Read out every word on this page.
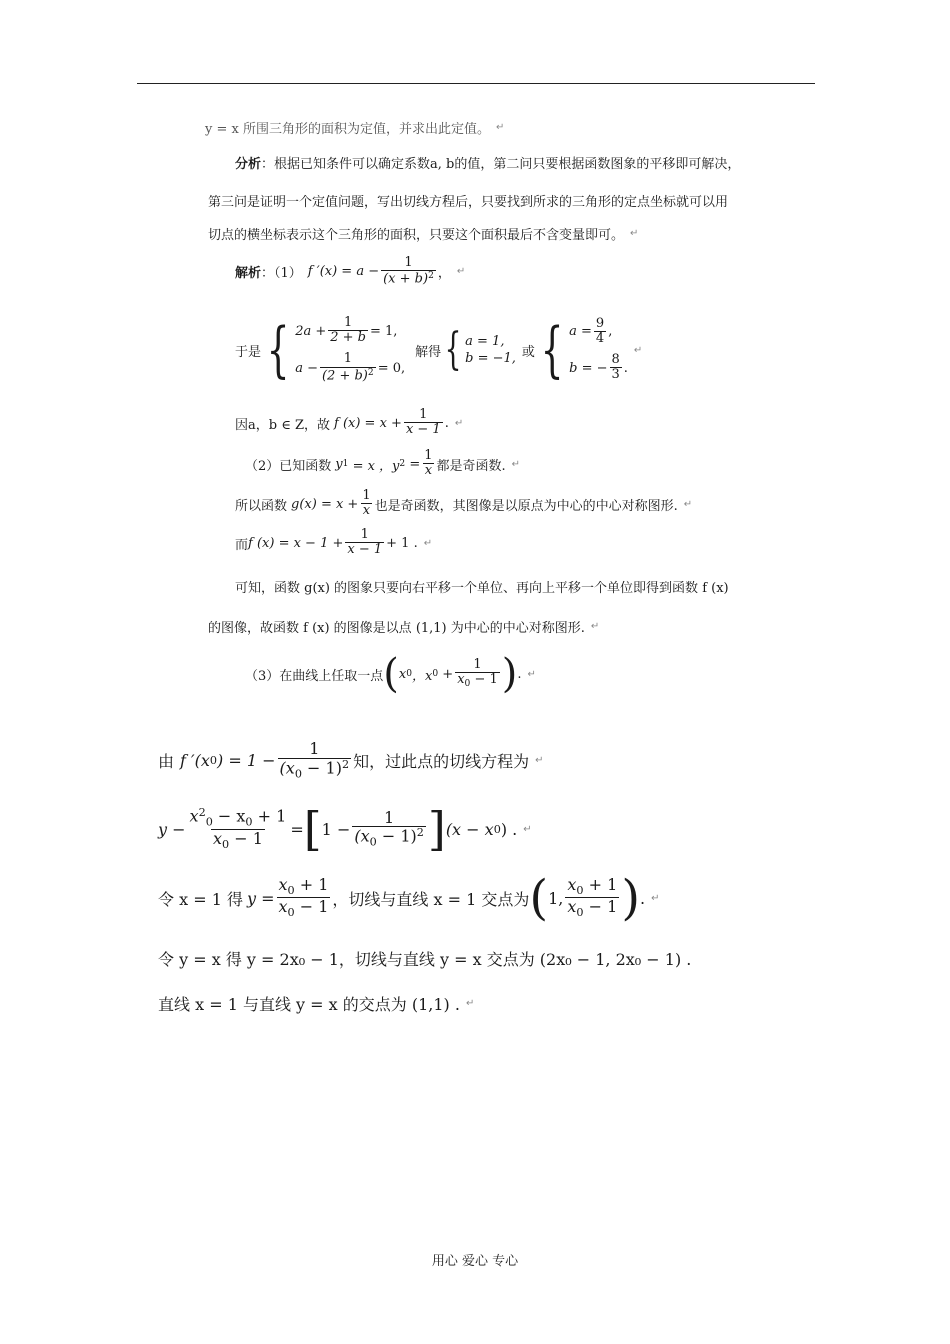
y = x 所围三角形的面积为定值，并求出此定值。 ↵
分析 ： 根据已知条件可以确定系数a, b的值，第二问只要根据函数图象的平移即可解决，
第三问是证明一个定值问题，写出切线方程后，只要找到所求的三角形的定点坐标就可以用
切点的横坐标表示这个三角形的面积，只要这个面积最后不含变量即可。 ↵
解析 ：（1） f $'(x) = a - \frac{1}{(x + b)^2}$ ， ↵
于是 { $2a + \frac{1}{2 + b} = 1$,
$a - \frac{1}{(2 + b)^2} = 0$,
解得 { a = 1,
b = −1, 或 { $a = \frac{9}{4}$ ,
b = − $\frac{8}{3}$ .
↵
因a，b ∈ Z，故 f $(x) = x + \frac{1}{x - 1}$ . ↵
（2）已知函数 y 1 = x ，y $2 = \frac{1}{x}$ 都是奇函数. ↵
所以函数 $g(x) = x + \frac{1}{x}$ 也是奇函数，其图像是以原点为中心的中心对称图形. ↵
而 f $(x) = x - 1 + \frac{1}{x - 1} + 1$ . ↵
可知，函数 g(x) 的图象只要向右平移一个单位、再向上平移一个单位即得到函数 f (x)
的图像，故函数 f (x) 的图像是以点 (1,1) 为中心的中心对称图形. ↵
（3）在曲线上任取一点 ( x 0 ，x $0 + \frac{1}{x_0 - 1}$ ) . ↵
由 f ′(x 0 ) = $1 - \frac{1}{(x_0 - 1)^2}$ 知，过此点的切线方程为 ↵
$y - \frac{x^2_0 - x_0 + 1}{x_0 - 1}$ = [ $1 - \frac{1}{(x_0 - 1)^2}$ ] (x − x 0 ) . ↵
令 x = 1 得 $y = \frac{x_0 + 1}{x_0 - 1}$ ，切线与直线 x = 1 交点为 ( 1, $\frac{x_0 + 1}{x_0 - 1}$ ) . ↵
令 y = x 得 y = 2x₀ − 1，切线与直线 y = x 交点为 (2x₀ − 1, 2x₀ − 1) .
直线 x = 1 与直线 y = x 的交点为 (1,1) . ↵
用心 爱心 专心
